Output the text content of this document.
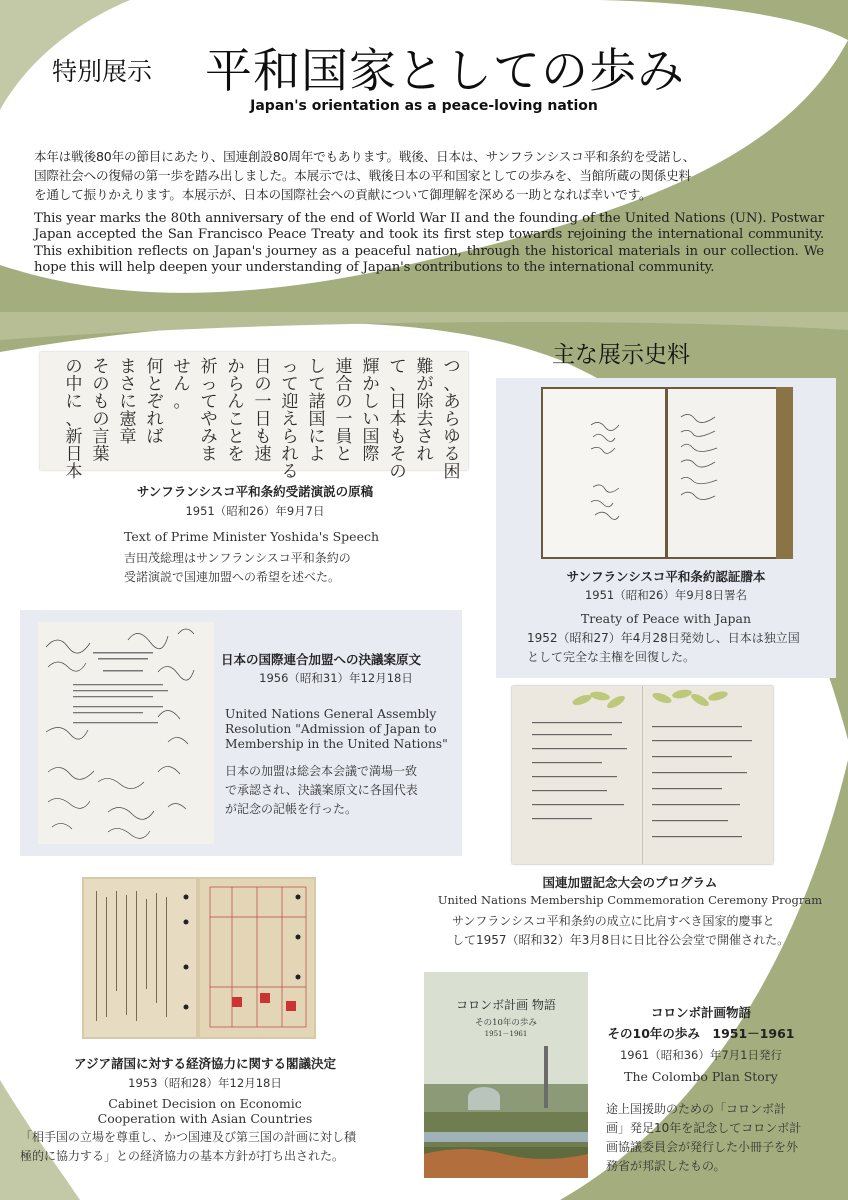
特別展示 平和国家としての歩み
Japan's orientation as a peace-loving nation
本年は戦後80年の節目にあたり、国連創設80周年でもあります。戦後、日本は、サンフランシスコ平和条約を受諾し、
国際社会への復帰の第一歩を踏み出しました。本展示では、戦後日本の平和国家としての歩みを、当館所蔵の関係史料
を通して振りかえります。本展示が、日本の国際社会への貢献について御理解を深める一助となれば幸いです。
This year marks the 80th anniversary of the end of World War II and the founding of the United Nations (UN). Postwar Japan accepted the San Francisco Peace Treaty and took its first step towards rejoining the international community. This exhibition reflects on Japan's journey as a peaceful nation, through the historical materials in our collection. We hope this will help deepen your understanding of Japan's contributions to the international community.
主な展示史料
つ
、
あ
ら
ゆ
る
困
難
が
除
去
さ
れ
て
、
日
本
も
そ
の
輝
か
し
い
国
際
連
合
の
一
員
と
し
て
諸
国
に
よ
っ
て
迎
え
ら
れ
る
日
の
一
日
も
速
か
ら
ん
こ
と
を
祈
っ
て
や
み
ま
せ
ん
。
何
と
ぞ
れ
ば
ま
さ
に
憲
章
そ
の
も
の
言
葉
の
中
に
、
新
日
本
サンフランシスコ平和条約受諾演説の原稿
1951（昭和26）年9月7日
Text of Prime Minister Yoshida's Speech
吉田茂総理はサンフランシスコ平和条約の
受諾演説で国連加盟への希望を述べた。	サンフランシスコ平和条約認証謄本
1951（昭和26）年9月8日署名
Treaty of Peace with Japan
1952（昭和27）年4月28日発効し、日本は独立国
として完全な主権を回復した。
日本の国際連合加盟への決議案原文
1956（昭和31）年12月18日
United Nations General Assembly
Resolution "Admission of Japan to
Membership in the United Nations"
日本の加盟は総会本会議で満場一致
で承認され、決議案原文に各国代表
が記念の記帳を行った。
国連加盟記念大会のプログラム
United Nations Membership Commemoration Ceremony Program
サンフランシスコ平和条約の成立に比肩すべき国家的慶事と
して1957（昭和32）年3月8日に日比谷公会堂で開催された。
アジア諸国に対する経済協力に関する閣議決定
1953（昭和28）年12月18日
Cabinet Decision on Economic
Cooperation with Asian Countries
「相手国の立場を尊重し、かつ国連及び第三国の計画に対し積
極的に協力する」との経済協力の基本方針が打ち出された。
コロンボ計画 物語
その10年の歩み
1951－1961
コロンボ計画物語
その10年の歩み　1951－1961
1961（昭和36）年7月1日発行
The Colombo Plan Story
途上国援助のための「コロンボ計
画」発足10年を記念してコロンボ計
画協議委員会が発行した小冊子を外
務省が邦訳したもの。
